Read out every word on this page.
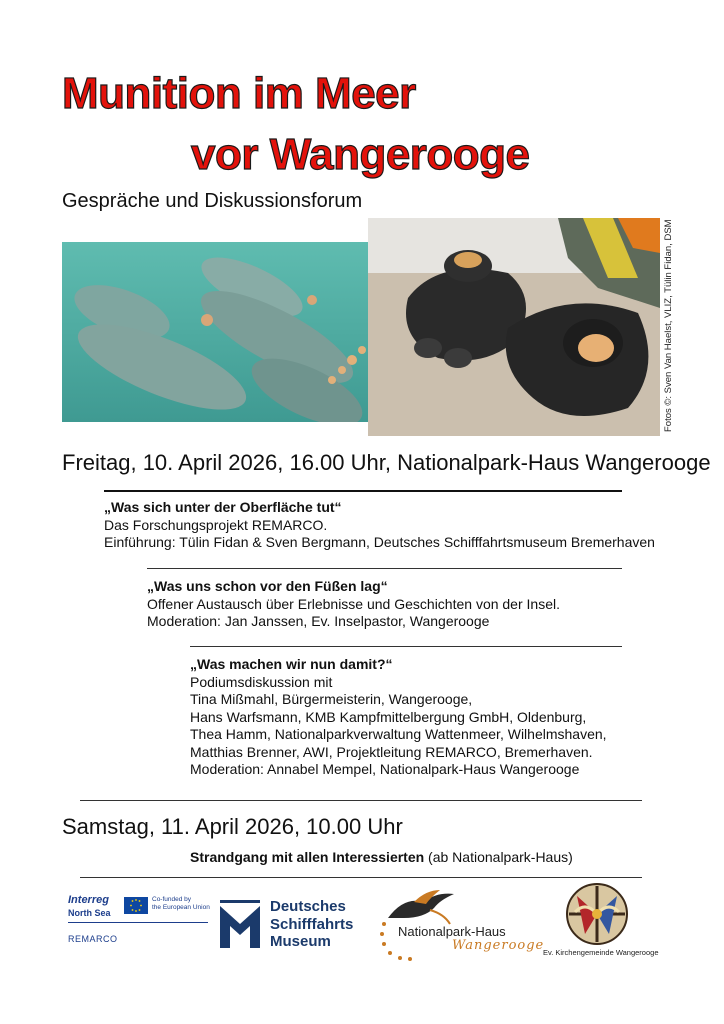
Munition im Meer
vor Wangerooge
Gespräche und Diskussionsforum
Fotos ©: Sven Van Haelst, VLIZ, Tülin Fidan, DSM
Freitag, 10. April 2026, 16.00 Uhr, Nationalpark-Haus Wangerooge
„Was sich unter der Oberfläche tut“
Das Forschungsprojekt REMARCO.
Einführung: Tülin Fidan & Sven Bergmann, Deutsches Schifffahrtsmuseum Bremerhaven
„Was uns schon vor den Füßen lag“
Offener Austausch über Erlebnisse und Geschichten von der Insel.
Moderation: Jan Janssen, Ev. Inselpastor, Wangerooge
„Was machen wir nun damit?“
Podiumsdiskussion mit
Tina Mißmahl, Bürgermeisterin, Wangerooge,
Hans Warfsmann, KMB Kampfmittelbergung GmbH, Oldenburg,
Thea Hamm, Nationalparkverwaltung Wattenmeer, Wilhelmshaven,
Matthias Brenner, AWI, Projektleitung REMARCO, Bremerhaven.
Moderation: Annabel Mempel, Nationalpark-Haus Wangerooge
Samstag, 11. April 2026, 10.00 Uhr
Strandgang mit allen Interessierten (ab Nationalpark-Haus)
Interreg
North Sea
Co-funded by
the European Union
REMARCO
Deutsches
Schifffahrts
Museum
Nationalpark-Haus
Wangerooge
Ev. Kirchengemeinde Wangerooge
